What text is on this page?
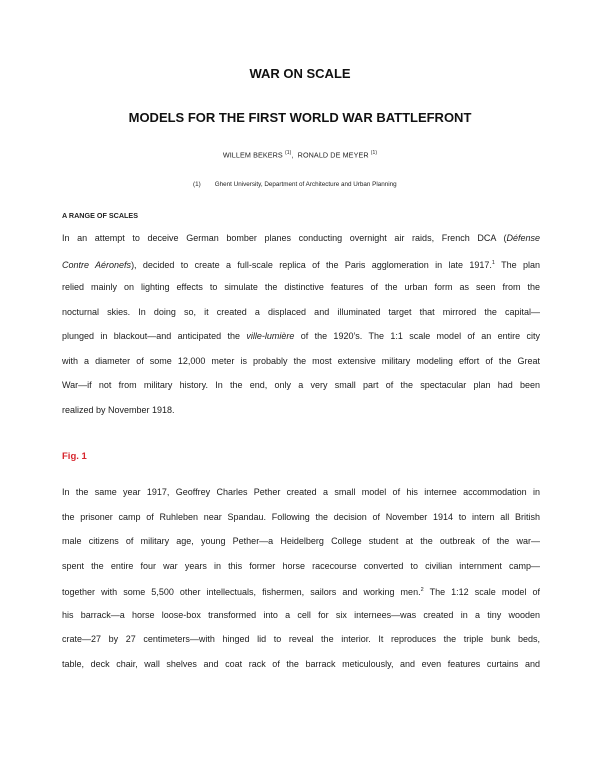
WAR ON SCALE
MODELS FOR THE FIRST WORLD WAR BATTLEFRONT
WILLEM BEKERS $^{(1)}$,  RONALD DE MEYER $^{(1)}$
(1) Ghent University, Department of Architecture and Urban Planning
A RANGE OF SCALES
In an attempt to deceive German bomber planes conducting overnight air raids, French DCA (Défense
Contre Aéronefs), decided to create a full-scale replica of the Paris agglomeration in late 1917.$^1$ The plan
relied mainly on lighting effects to simulate the distinctive features of the urban form as seen from the
nocturnal skies. In doing so, it created a displaced and illuminated target that mirrored the capital—
plunged in blackout—and anticipated the ville-lumière of the 1920’s. The 1:1 scale model of an entire city
with a diameter of some 12,000 meter is probably the most extensive military modeling effort of the Great
War—if not from military history. In the end, only a very small part of the spectacular plan had been
realized by November 1918.
Fig. 1
In the same year 1917, Geoffrey Charles Pether created a small model of his internee accommodation in
the prisoner camp of Ruhleben near Spandau. Following the decision of November 1914 to intern all British
male citizens of military age, young Pether—a Heidelberg College student at the outbreak of the war—
spent the entire four war years in this former horse racecourse converted to civilian internment camp—
together with some 5,500 other intellectuals, fishermen, sailors and working men.$^2$ The 1:12 scale model of
his barrack—a horse loose-box transformed into a cell for six internees—was created in a tiny wooden
crate—27 by 27 centimeters—with hinged lid to reveal the interior. It reproduces the triple bunk beds,
table, deck chair, wall shelves and coat rack of the barrack meticulously, and even features curtains and
